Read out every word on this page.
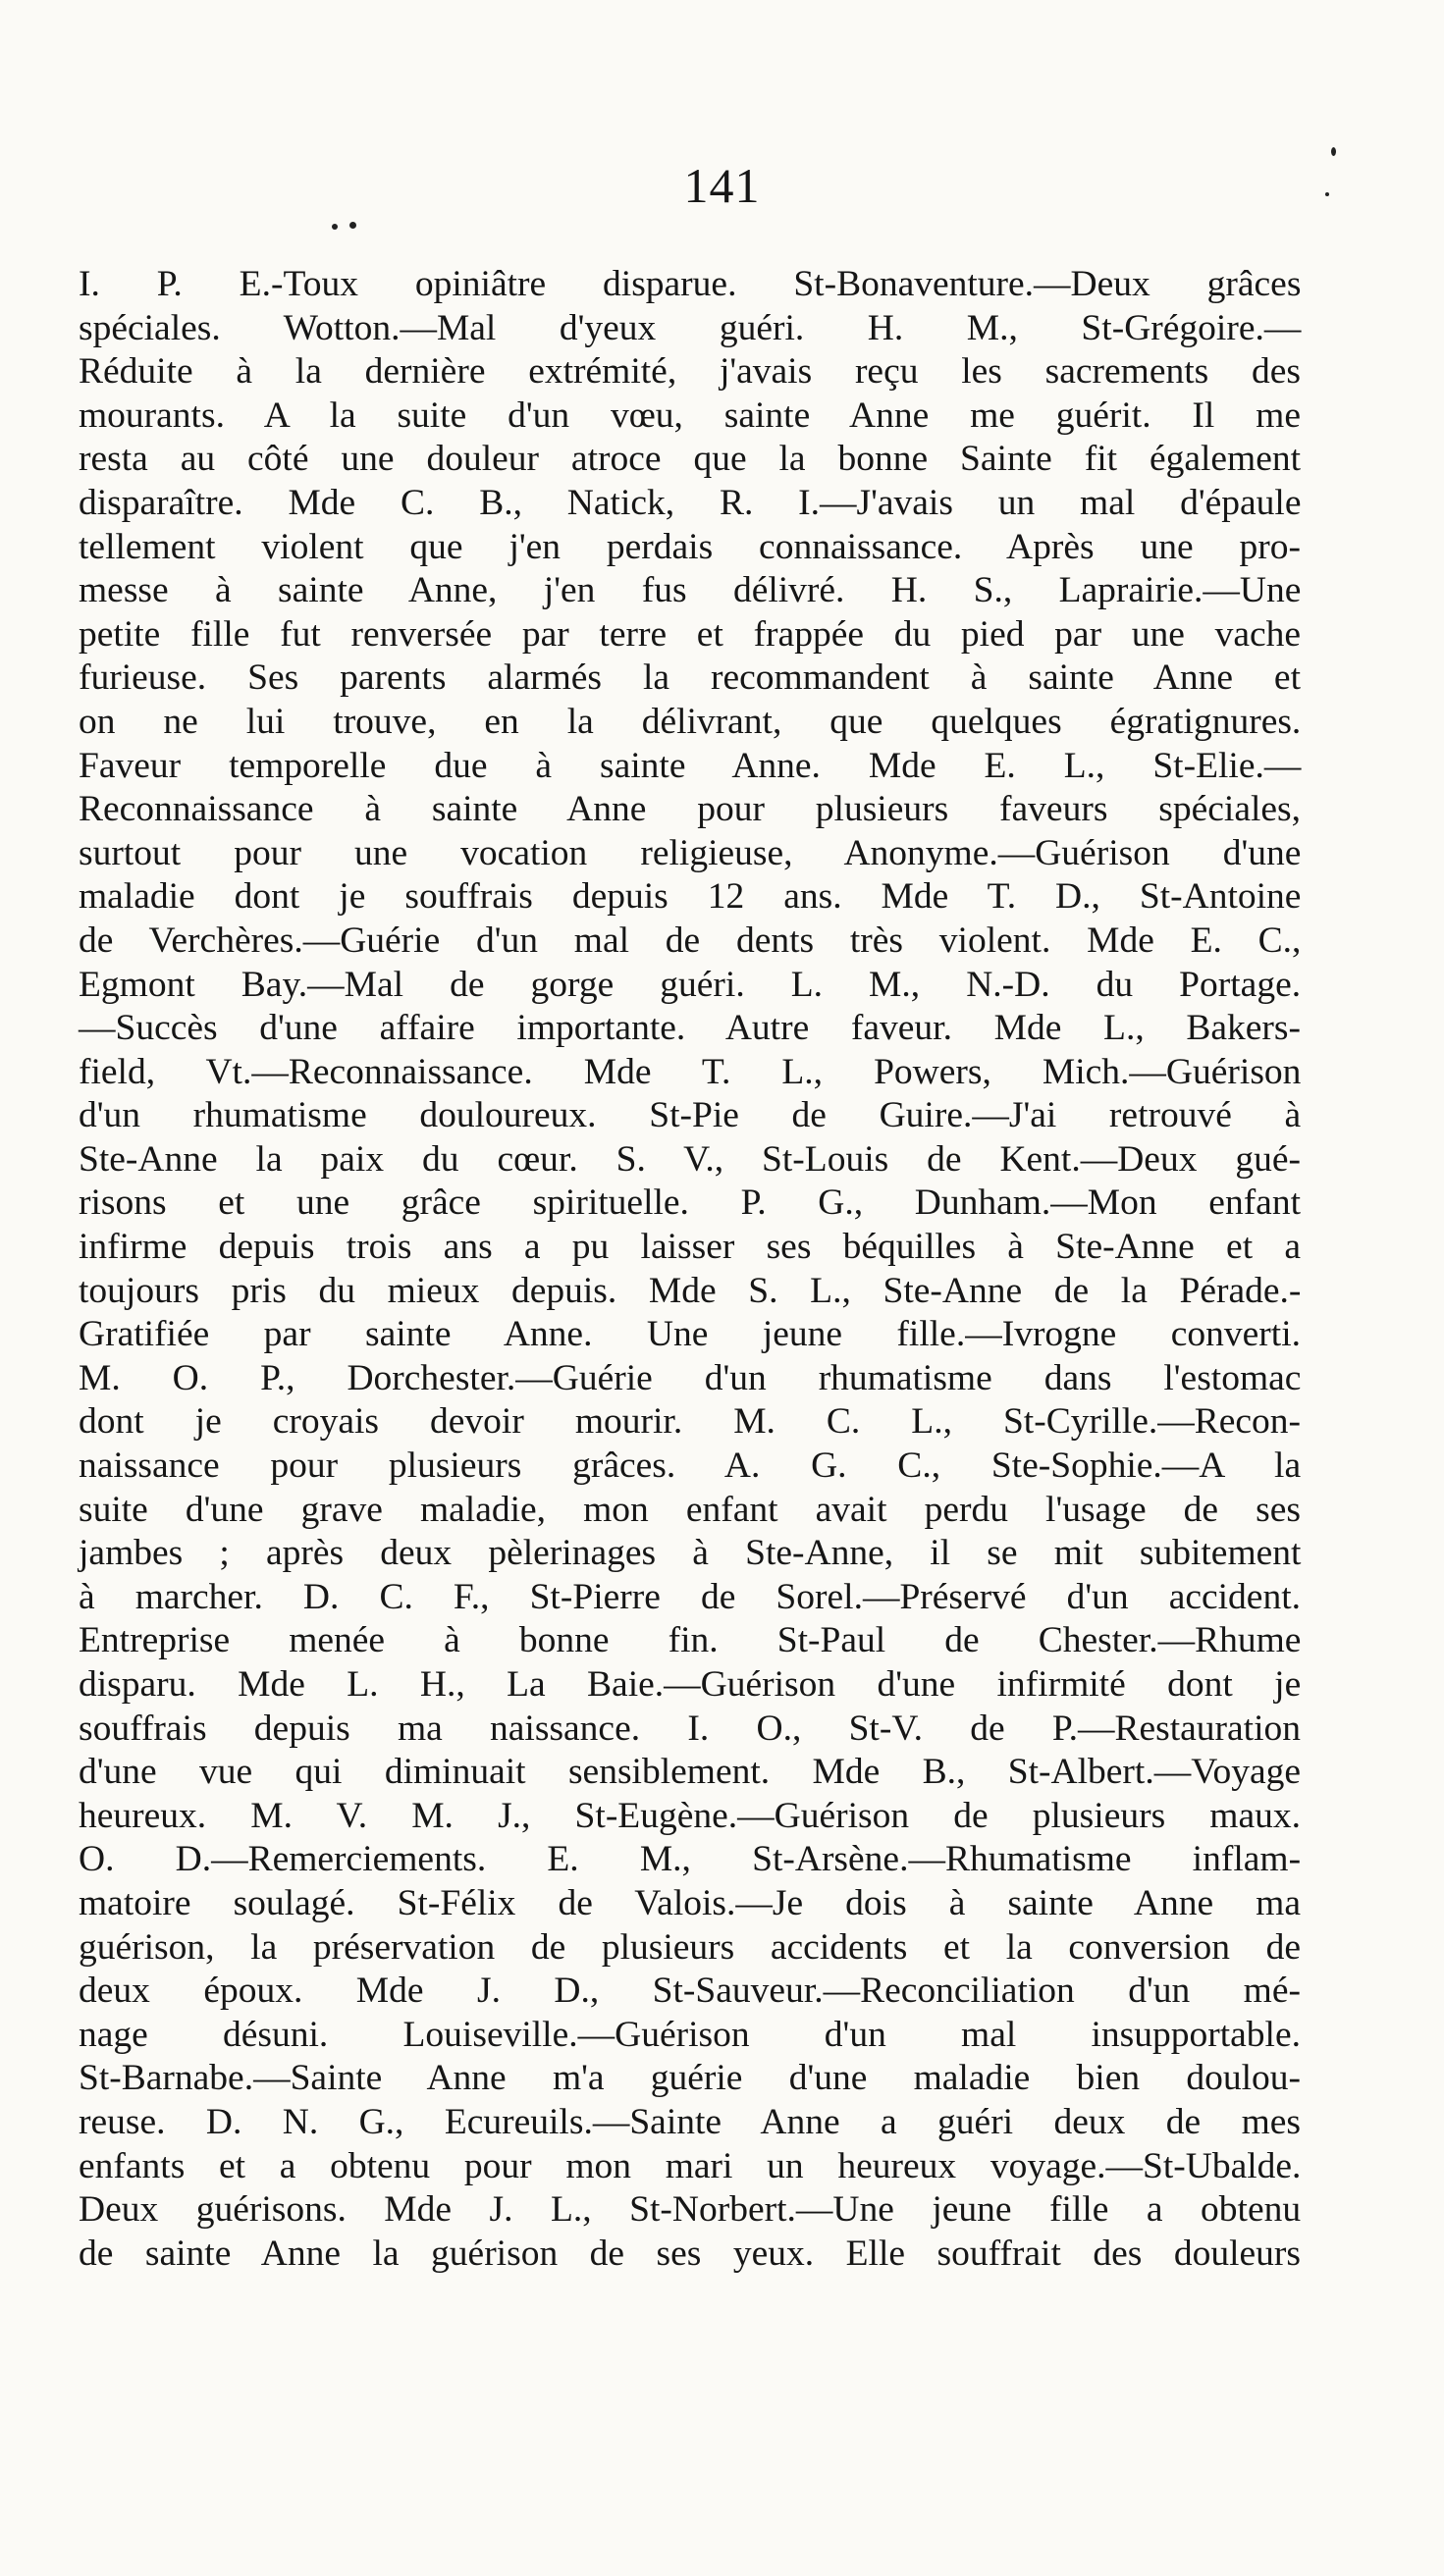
141
I. P. E.-Toux opiniâtre disparue. St-Bonaventure.—Deux grâces
spéciales. Wotton.—Mal d'yeux guéri. H. M., St-Grégoire.—
Réduite à la dernière extrémité, j'avais reçu les sacrements des
mourants. A la suite d'un vœu, sainte Anne me guérit. Il me
resta au côté une douleur atroce que la bonne Sainte fit également
disparaître. Mde C. B., Natick, R. I.—J'avais un mal d'épaule
tellement violent que j'en perdais connaissance. Après une pro-
messe à sainte Anne, j'en fus délivré. H. S., Laprairie.—Une
petite fille fut renversée par terre et frappée du pied par une vache
furieuse. Ses parents alarmés la recommandent à sainte Anne et
on ne lui trouve, en la délivrant, que quelques égratignures.
Faveur temporelle due à sainte Anne. Mde E. L., St-Elie.—
Reconnaissance à sainte Anne pour plusieurs faveurs spéciales,
surtout pour une vocation religieuse, Anonyme.—Guérison d'une
maladie dont je souffrais depuis 12 ans. Mde T. D., St-Antoine
de Verchères.—Guérie d'un mal de dents très violent. Mde E. C.,
Egmont Bay.—Mal de gorge guéri. L. M., N.-D. du Portage.
—Succès d'une affaire importante. Autre faveur. Mde L., Bakers-
field, Vt.—Reconnaissance. Mde T. L., Powers, Mich.—Guérison
d'un rhumatisme douloureux. St-Pie de Guire.—J'ai retrouvé à
Ste-Anne la paix du cœur. S. V., St-Louis de Kent.—Deux gué-
risons et une grâce spirituelle. P. G., Dunham.—Mon enfant
infirme depuis trois ans a pu laisser ses béquilles à Ste-Anne et a
toujours pris du mieux depuis. Mde S. L., Ste-Anne de la Pérade.-
Gratifiée par sainte Anne. Une jeune fille.—Ivrogne converti.
M. O. P., Dorchester.—Guérie d'un rhumatisme dans l'estomac
dont je croyais devoir mourir. M. C. L., St-Cyrille.—Recon-
naissance pour plusieurs grâces. A. G. C., Ste-Sophie.—A la
suite d'une grave maladie, mon enfant avait perdu l'usage de ses
jambes ; après deux pèlerinages à Ste-Anne, il se mit subitement
à marcher. D. C. F., St-Pierre de Sorel.—Préservé d'un accident.
Entreprise menée à bonne fin. St-Paul de Chester.—Rhume
disparu. Mde L. H., La Baie.—Guérison d'une infirmité dont je
souffrais depuis ma naissance. I. O., St-V. de P.—Restauration
d'une vue qui diminuait sensiblement. Mde B., St-Albert.—Voyage
heureux. M. V. M. J., St-Eugène.—Guérison de plusieurs maux.
O. D.—Remerciements. E. M., St-Arsène.—Rhumatisme inflam-
matoire soulagé. St-Félix de Valois.—Je dois à sainte Anne ma
guérison, la préservation de plusieurs accidents et la conversion de
deux époux. Mde J. D., St-Sauveur.—Reconciliation d'un mé-
nage désuni. Louiseville.—Guérison d'un mal insupportable.
St-Barnabe.—Sainte Anne m'a guérie d'une maladie bien doulou-
reuse. D. N. G., Ecureuils.—Sainte Anne a guéri deux de mes
enfants et a obtenu pour mon mari un heureux voyage.—St-Ubalde.
Deux guérisons. Mde J. L., St-Norbert.—Une jeune fille a obtenu
de sainte Anne la guérison de ses yeux. Elle souffrait des douleurs
